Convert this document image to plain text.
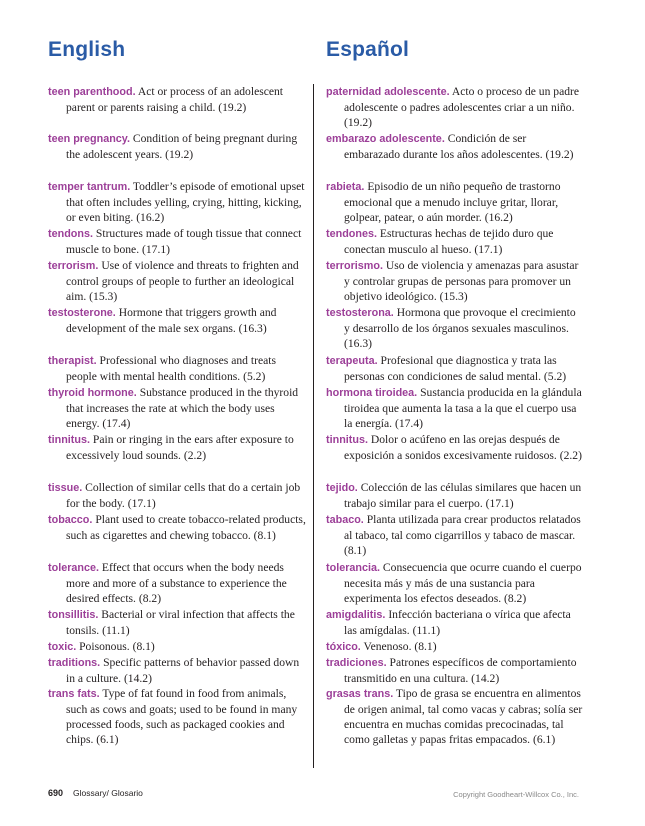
English	Español
teen parenthood. Act or process of an adolescent parent or parents raising a child. (19.2)
teen pregnancy. Condition of being pregnant during the adolescent years. (19.2)
temper tantrum. Toddler’s episode of emotional upset that often includes yelling, crying, hitting, kicking, or even biting. (16.2)
tendons. Structures made of tough tissue that connect muscle to bone. (17.1)
terrorism. Use of violence and threats to frighten and control groups of people to further an ideological aim. (15.3)
testosterone. Hormone that triggers growth and development of the male sex organs. (16.3)
therapist. Professional who diagnoses and treats people with mental health conditions. (5.2)
thyroid hormone. Substance produced in the thyroid that increases the rate at which the body uses energy. (17.4)
tinnitus. Pain or ringing in the ears after exposure to excessively loud sounds. (2.2)
tissue. Collection of similar cells that do a certain job for the body. (17.1)
tobacco. Plant used to create tobacco-related products, such as cigarettes and chewing tobacco. (8.1)
tolerance. Effect that occurs when the body needs more and more of a substance to experience the desired effects. (8.2)
tonsillitis. Bacterial or viral infection that affects the tonsils. (11.1)
toxic. Poisonous. (8.1)
traditions. Specific patterns of behavior passed down in a culture. (14.2)
trans fats. Type of fat found in food from animals, such as cows and goats; used to be found in many processed foods, such as packaged cookies and chips. (6.1)
paternidad adolescente. Acto o proceso de un padre adolescente o padres adolescentes criar a un niño. (19.2)
embarazo adolescente. Condición de ser embarazado durante los años adolescentes. (19.2)
rabieta. Episodio de un niño pequeño de trastorno emocional que a menudo incluye gritar, llorar, golpear, patear, o aún morder. (16.2)
tendones. Estructuras hechas de tejido duro que conectan musculo al hueso. (17.1)
terrorismo. Uso de violencia y amenazas para asustar y controlar grupas de personas para promover un objetivo ideológico. (15.3)
testosterona. Hormona que provoque el crecimiento y desarrollo de los órganos sexuales masculinos. (16.3)
terapeuta. Profesional que diagnostica y trata las personas con condiciones de salud mental. (5.2)
hormona tiroidea. Sustancia producida en la glándula tiroidea que aumenta la tasa a la que el cuerpo usa la energía. (17.4)
tinnitus. Dolor o acúfeno en las orejas después de exposición a sonidos excesivamente ruidosos. (2.2)
tejido. Colección de las células similares que hacen un trabajo similar para el cuerpo. (17.1)
tabaco. Planta utilizada para crear productos relatados al tabaco, tal como cigarrillos y tabaco de mascar. (8.1)
tolerancia. Consecuencia que ocurre cuando el cuerpo necesita más y más de una sustancia para experimenta los efectos deseados. (8.2)
amigdalitis. Infección bacteriana o vírica que afecta las amígdalas. (11.1)
tóxico. Venenoso. (8.1)
tradiciones. Patrones específicos de comportamiento transmitido en una cultura. (14.2)
grasas trans. Tipo de grasa se encuentra en alimentos de origen animal, tal como vacas y cabras; solía ser encuentra en muchas comidas precocinadas, tal como galletas y papas fritas empacados. (6.1)
690 Glossary/ Glosario	Copyright Goodheart-Willcox Co., Inc.
